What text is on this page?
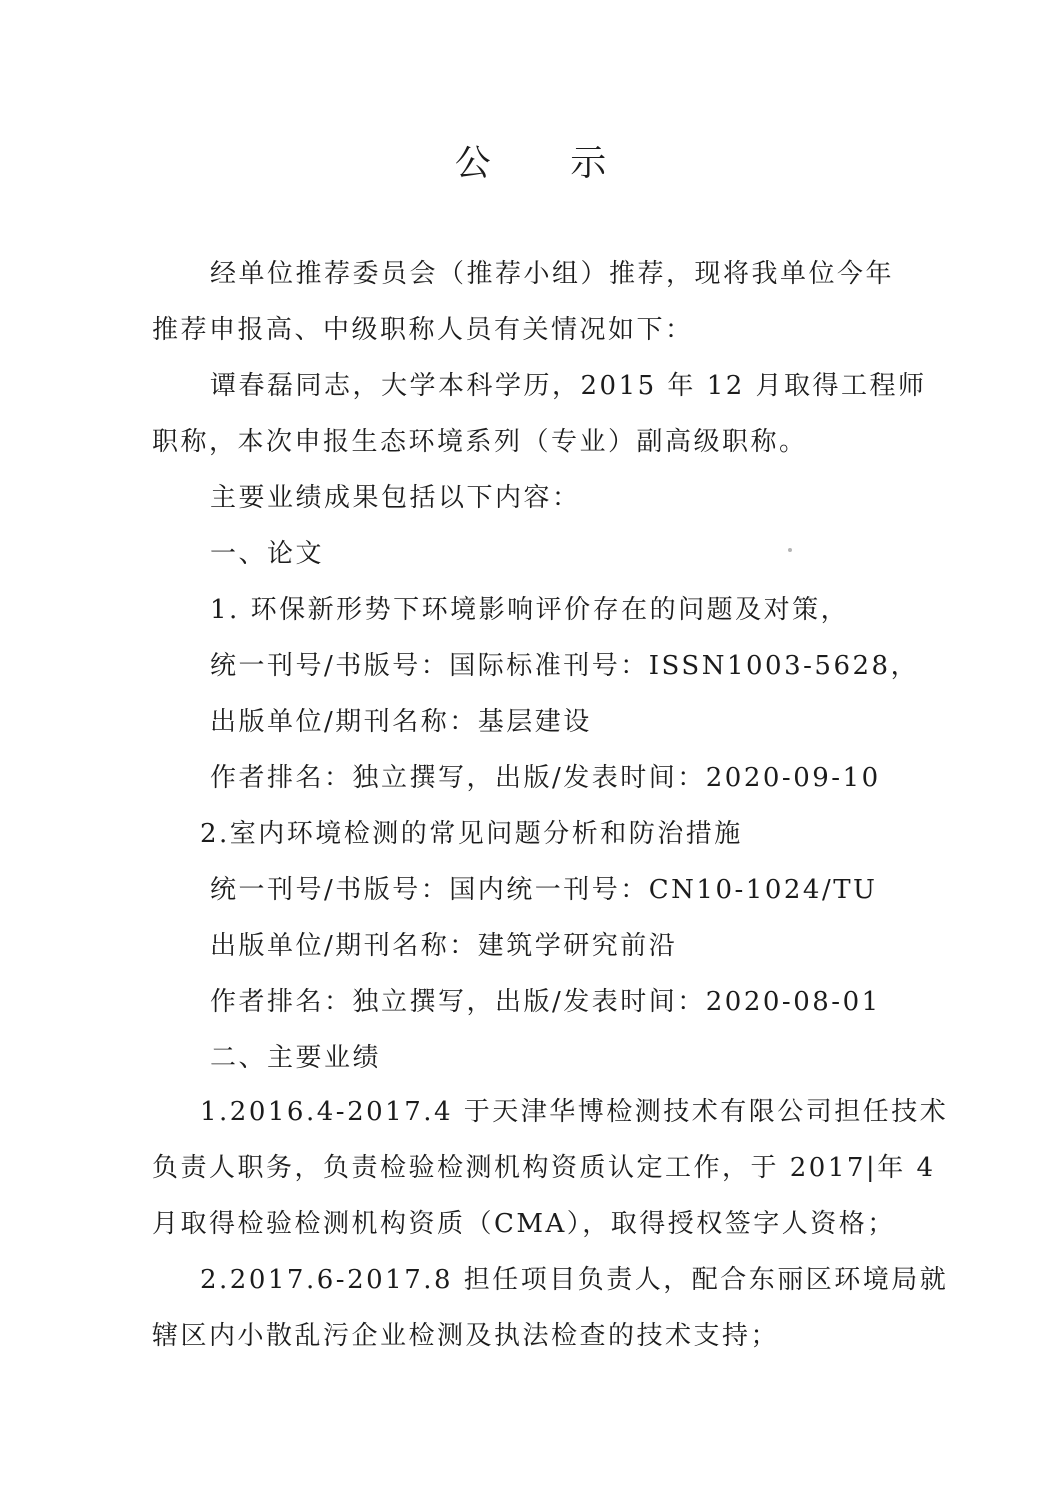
公 示
经单位推荐委员会（推荐小组）推荐，现将我单位今年
推荐申报高、中级职称人员有关情况如下：
谭春磊同志，大学本科学历，2015 年 12 月取得工程师
职称，本次申报生态环境系列（专业）副高级职称。
主要业绩成果包括以下内容：
一、论文
1. 环保新形势下环境影响评价存在的问题及对策，
统一刊号/书版号：国际标准刊号：ISSN1003-5628，
出版单位/期刊名称：基层建设
作者排名：独立撰写，出版/发表时间：2020-09-10
2.室内环境检测的常见问题分析和防治措施
统一刊号/书版号：国内统一刊号：CN10-1024/TU
出版单位/期刊名称：建筑学研究前沿
作者排名：独立撰写，出版/发表时间：2020-08-01
二、主要业绩
1.2016.4-2017.4 于天津华博检测技术有限公司担任技术
负责人职务，负责检验检测机构资质认定工作，于 2017|年 4
月取得检验检测机构资质（CMA），取得授权签字人资格；
2.2017.6-2017.8 担任项目负责人，配合东丽区环境局就
辖区内小散乱污企业检测及执法检查的技术支持；
